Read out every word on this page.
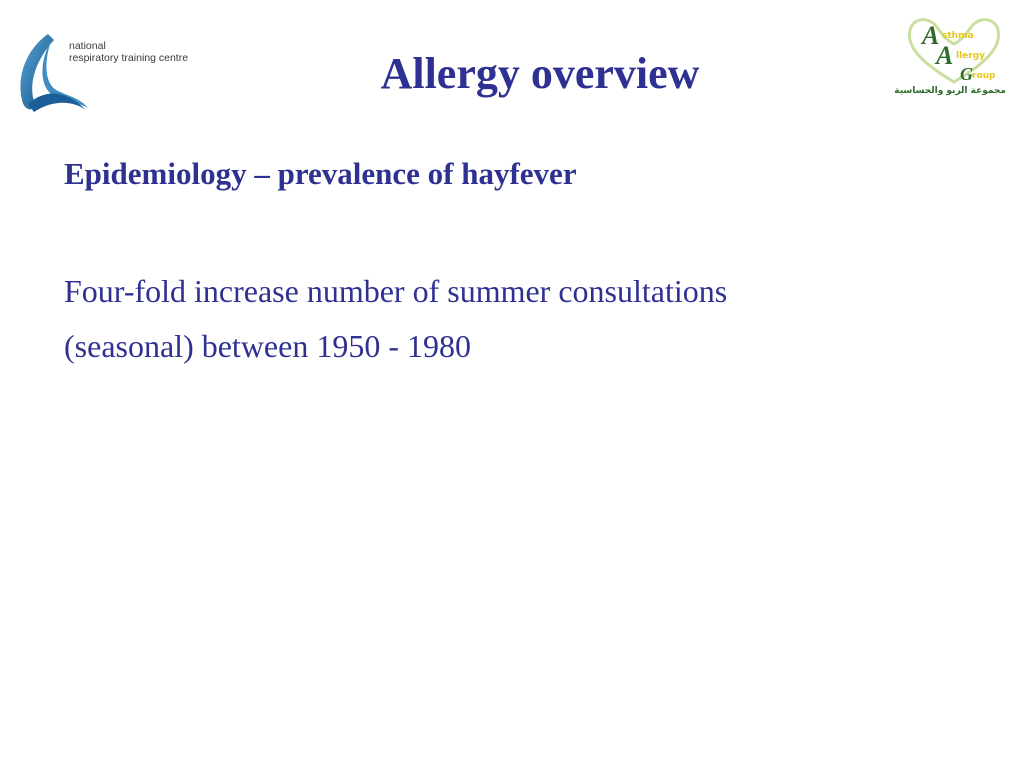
national
respiratory training centre	Allergy overview
A sthma
A llergy
G roup
مجموعة الربو والحساسية
Epidemiology – prevalence of hayfever
Four-fold increase number of summer consultations
(seasonal) between 1950 - 1980
